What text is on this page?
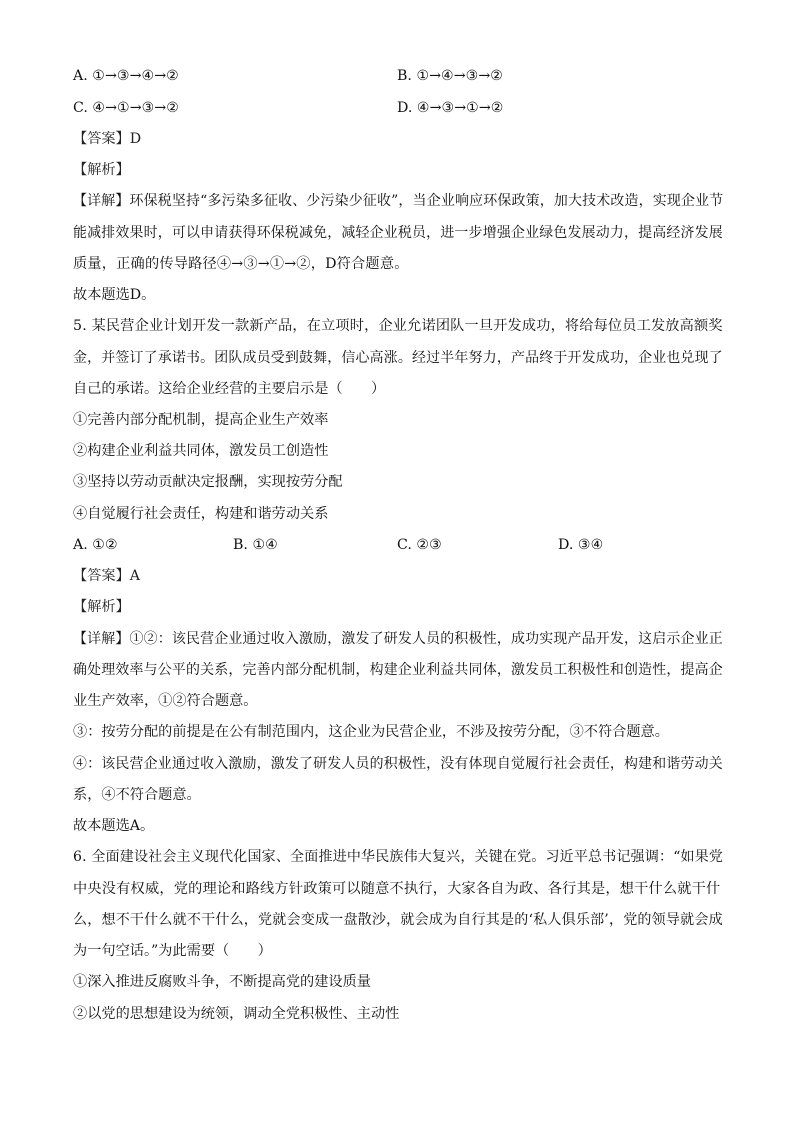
A. ①→③→④→②	B. ①→④→③→②
C. ④→①→③→②	D. ④→③→①→②
【答案】D
【解析】
【详解】环保税坚持“多污染多征收、少污染少征收”，当企业响应环保政策，加大技术改造，实现企业节
能减排效果时，可以申请获得环保税减免，减轻企业税员，进一步增强企业绿色发展动力，提高经济发展
质量，正确的传导路径④→③→①→②，D符合题意。
故本题选D。
5. 某民营企业计划开发一款新产品，在立项时，企业允诺团队一旦开发成功，将给每位员工发放高额奖
金，并签订了承诺书。团队成员受到鼓舞，信心高涨。经过半年努力，产品终于开发成功，企业也兑现了
自己的承诺。这给企业经营的主要启示是（　　）
①完善内部分配机制，提高企业生产效率
②构建企业利益共同体，激发员工创造性
③坚持以劳动贡献决定报酬，实现按劳分配
④自觉履行社会责任，构建和谐劳动关系
A. ①②	B. ①④	C. ②③	D. ③④
【答案】A
【解析】
【详解】①②：该民营企业通过收入激励，激发了研发人员的积极性，成功实现产品开发，这启示企业正
确处理效率与公平的关系，完善内部分配机制，构建企业利益共同体，激发员工积极性和创造性，提高企
业生产效率，①②符合题意。
③：按劳分配的前提是在公有制范围内，这企业为民营企业，不涉及按劳分配，③不符合题意。
④：该民营企业通过收入激励，激发了研发人员的积极性，没有体现自觉履行社会责任，构建和谐劳动关
系，④不符合题意。
故本题选A。
6. 全面建设社会主义现代化国家、全面推进中华民族伟大复兴，关键在党。习近平总书记强调：“如果党
中央没有权威，党的理论和路线方针政策可以随意不执行，大家各自为政、各行其是，想干什么就干什
么，想不干什么就不干什么，党就会变成一盘散沙，就会成为自行其是的‘私人俱乐部’，党的领导就会成
为一句空话。”为此需要（　　）
①深入推进反腐败斗争，不断提高党的建设质量
②以党的思想建设为统领，调动全党积极性、主动性
